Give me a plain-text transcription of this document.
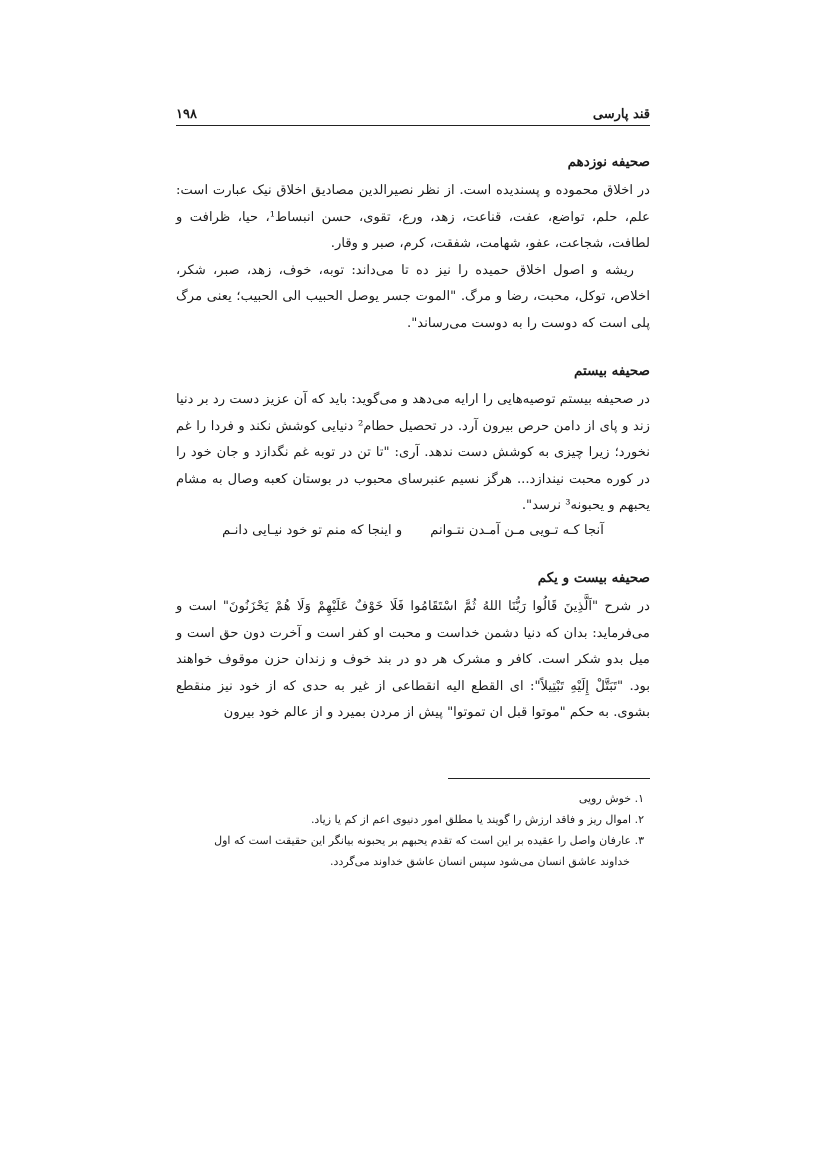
قند پارسی
۱۹۸
صحیفه نوزدهم

در اخلاق محموده و پسندیده است. از نظر نصیرالدین مصادیق اخلاق نیک عبارت است: علم، حلم، تواضع، عفت، قناعت، زهد، ورع، تقوی، حسن انبساط¹، حیا، ظرافت و لطافت، شجاعت، عفو، شهامت، شفقت، کرم، صبر و وقار.

ریشه و اصول اخلاق حمیده را نیز ده تا می‌داند: توبه، خوف، زهد، صبر، شکر، اخلاص، توکل، محبت، رضا و مرگ. "الموت جسر یوصل الحبیب الی الحبیب؛ یعنی مرگ پلی است که دوست را به دوست می‌رساند".

صحیفه بیستم

در صحیفه بیستم توصیه‌هایی را ارایه می‌دهد و می‌گوید: باید که آن عزیز دست رد بر دنیا زند و پای از دامن حرص بیرون آرد. در تحصیل حطام² دنیایی کوشش نکند و فردا را غم نخورد؛ زیرا چیزی به کوشش دست ندهد. آری: "تا تن در توبه غم نگدازد و جان خود را در کوره محبت نیندازد... هرگز نسیم عنبرسای محبوب در بوستان کعبه وصال به مشام یحبهم و یحبونه³ نرسد".

آنجا کـه تـویی مـن آمـدن نتـوانم
و اینجا که منم تو خود نیـایی دانـم
صحیفه بیست و یکم

در شرح "اَلَّذِینَ قَالُوا رَبُّنَا اللهُ ثُمَّ اسْتَقَامُوا فَلَا خَوْفٌ عَلَیْهِمْ وَلَا هُمْ یَحْزَنُونَ" است و می‌فرماید: بدان که دنیا دشمن خداست و محبت او کفر است و آخرت دون حق است و میل بدو شکر است. کافر و مشرک هر دو در بند خوف و زندان حزن موقوف خواهند بود. "تَبَتَّلْ إِلَیْهِ تَبْتِیلاً": ای القطع الیه انقطاعی از غیر به حدی که از خود نیز منقطع بشوی. به حکم "موتوا قبل ان تموتوا" پیش از مردن بمیرد و از عالم خود بیرون

۱. خوش رویی

۲. اموال ریز و فاقد ارزش را گویند یا مطلق امور دنیوی اعم از کم یا زیاد.

۳. عارفان واصل را عقیده بر این است که تقدم یحبهم بر یحبونه بیانگر این حقیقت است که اول
خداوند عاشق انسان می‌شود سپس انسان عاشق خداوند می‌گردد.
